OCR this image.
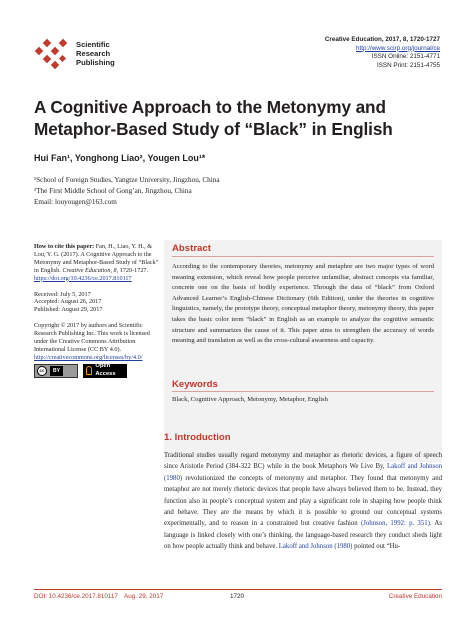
Scientific
Research
Publishing
Creative Education, 2017, 8, 1720-1727
http://www.scirp.org/journal/ce
ISSN Online: 2151-4771
ISSN Print: 2151-4755
A Cognitive Approach to the Metonymy and Metaphor-Based Study of “Black” in English
Hui Fan¹, Yonghong Liao², Yougen Lou¹*
¹School of Foreign Studies, Yangtze University, Jingzhou, China
²The First Middle School of Gong’an, Jingzhou, China
Email: louyougen@163.com

How to cite this paper: Fan, H., Liao, Y. H., & Lou, Y. G. (2017). A Cognitive Approach to the Metonymy and Metaphor-Based Study of “Black” in English. Creative Education, 8, 1720-1727. https://doi.org/10.4236/ce.2017.810117

Received: July 5, 2017
Accepted: August 26, 2017
Published: August 29, 2017

Copyright © 2017 by authors and Scientific Research Publishing Inc. This work is licensed under the Creative Commons Attribution International License (CC BY 4.0).
http://creativecommons.org/licenses/by/4.0/

cc	BY
Open Access
Abstract
According to the contemporary theories, metonymy and metaphor are two major types of word meaning extension, which reveal how people perceive unfamiliar, abstract concepts via familiar, concrete one on the basis of bodily experience. Through the data of “black” from Oxford Advanced Learner’s English-Chinese Dictionary (6th Edition), under the theories in cognitive linguistics, namely, the prototype theory, conceptual metaphor theory, metonymy theory, this paper takes the basic color term “black” in English as an example to analyze the cognitive semantic structure and summarizes the cause of it. This paper aims to strengthen the accuracy of words meaning and translation as well as the cross-cultural awareness and capacity.
Keywords
Black, Cognitive Approach, Metonymy, Metaphor, English
1. Introduction
Traditional studies usually regard metonymy and metaphor as rhetoric devices, a figure of speech since Aristotle Period (384-322 BC) while in the book Metaphors We Live By, Lakoff and Johnson (1980) revolutionized the concepts of metonymy and metaphor. They found that metonymy and metaphor are not merely rhetoric devices that people have always believed them to be. Instead, they function also in people’s conceptual system and play a significant role in shaping how people think and behave. They are the means by which it is possible to ground our conceptual systems experimentally, and to reason in a constrained but creative fashion (Johnson, 1992: p. 351). As language is linked closely with one’s thinking, the language-based research they conduct sheds light on how people actually think and behave. Lakoff and Johnson (1980) pointed out “Hu-
DOI: 10.4236/ce.2017.810117 Aug. 29, 2017	1720	Creative Education
